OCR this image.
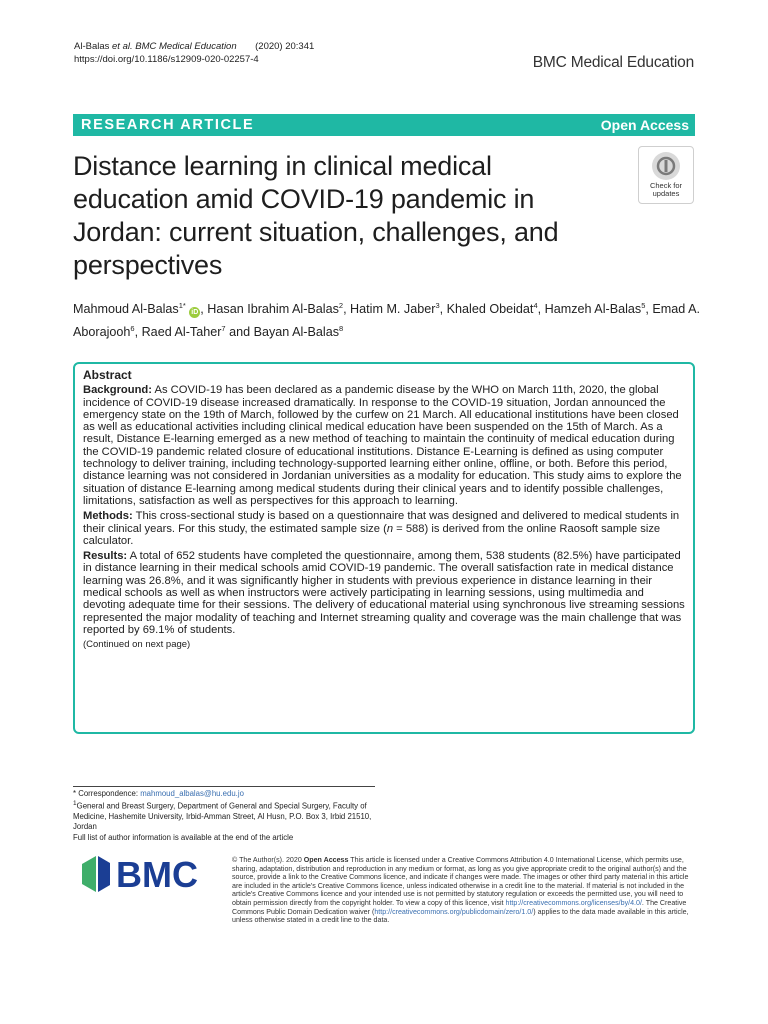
Al-Balas et al. BMC Medical Education (2020) 20:341
https://doi.org/10.1186/s12909-020-02257-4	BMC Medical Education
RESEARCH ARTICLE	Open Access
Distance learning in clinical medical education amid COVID-19 pandemic in Jordan: current situation, challenges, and perspectives
Check for
updates
Mahmoud Al-Balas$^{1*}$ iD , Hasan Ibrahim Al-Balas$^2$, Hatim M. Jaber$^3$, Khaled Obeidat$^4$, Hamzeh Al-Balas$^5$, Emad A. Aborajooh$^6$, Raed Al-Taher$^7$ and Bayan Al-Balas$^8$
Abstract

Background: As COVID-19 has been declared as a pandemic disease by the WHO on March 11th, 2020, the global incidence of COVID-19 disease increased dramatically. In response to the COVID-19 situation, Jordan announced the emergency state on the 19th of March, followed by the curfew on 21 March. All educational institutions have been closed as well as educational activities including clinical medical education have been suspended on the 15th of March. As a result, Distance E-learning emerged as a new method of teaching to maintain the continuity of medical education during the COVID-19 pandemic related closure of educational institutions. Distance E-Learning is defined as using computer technology to deliver training, including technology-supported learning either online, offline, or both. Before this period, distance learning was not considered in Jordanian universities as a modality for education. This study aims to explore the situation of distance E-learning among medical students during their clinical years and to identify possible challenges, limitations, satisfaction as well as perspectives for this approach to learning.

Methods: This cross-sectional study is based on a questionnaire that was designed and delivered to medical students in their clinical years. For this study, the estimated sample size (n = 588) is derived from the online Raosoft sample size calculator.

Results: A total of 652 students have completed the questionnaire, among them, 538 students (82.5%) have participated in distance learning in their medical schools amid COVID-19 pandemic. The overall satisfaction rate in medical distance learning was 26.8%, and it was significantly higher in students with previous experience in distance learning in their medical schools as well as when instructors were actively participating in learning sessions, using multimedia and devoting adequate time for their sessions. The delivery of educational material using synchronous live streaming sessions represented the major modality of teaching and Internet streaming quality and coverage was the main challenge that was reported by 69.1% of students.

(Continued on next page)
* Correspondence: mahmoud_albalas@hu.edu.jo
$^1$General and Breast Surgery, Department of General and Special Surgery, Faculty of Medicine, Hashemite University, Irbid-Amman Street, Al Husn, P.O. Box 3, Irbid 21510, Jordan
Full list of author information is available at the end of the article
BMC	© The Author(s). 2020 Open Access This article is licensed under a Creative Commons Attribution 4.0 International License, which permits use, sharing, adaptation, distribution and reproduction in any medium or format, as long as you give appropriate credit to the original author(s) and the source, provide a link to the Creative Commons licence, and indicate if changes were made. The images or other third party material in this article are included in the article's Creative Commons licence, unless indicated otherwise in a credit line to the material. If material is not included in the article's Creative Commons licence and your intended use is not permitted by statutory regulation or exceeds the permitted use, you will need to obtain permission directly from the copyright holder. To view a copy of this licence, visit http://creativecommons.org/licenses/by/4.0/. The Creative Commons Public Domain Dedication waiver (http://creativecommons.org/publicdomain/zero/1.0/) applies to the data made available in this article, unless otherwise stated in a credit line to the data.
